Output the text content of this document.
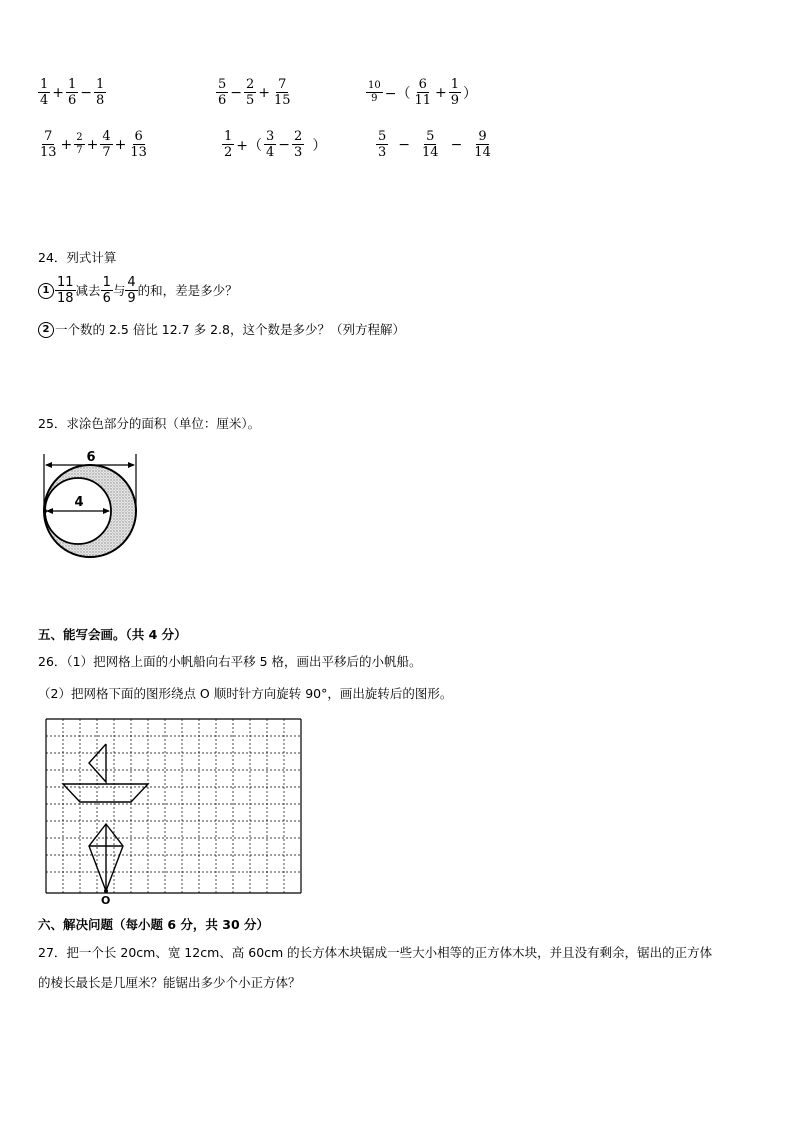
$\frac{1}{4} + \frac{1}{6} - \frac{1}{8}$	$\frac{5}{6} - \frac{2}{5} + \frac{7}{15}$	$\frac{10}{9}$ −（ $\frac{6}{11} + \frac{1}{9}$ ）
$\frac{7}{13} + \frac{2}{7} + \frac{4}{7} + \frac{6}{13}$	$\frac{1}{2}$ +（ $\frac{3}{4} - \frac{2}{3}$ ）	$\frac{5}{3} - \frac{5}{14} - \frac{9}{14}$
24．列式计算
$1 \frac{11}{18}$ 减去 $\frac{1}{6}$ 与 $\frac{4}{9}$ 的和，差是多少？
2 一个数的 2.5 倍比 12.7 多 2.8，这个数是多少？（列方程解）
25．求涂色部分的面积（单位：厘米）。
6
4
五、能写会画。（共 4 分）
26．（1）把网格上面的小帆船向右平移 5 格，画出平移后的小帆船。
（2）把网格下面的图形绕点 O 顺时针方向旋转 90°，画出旋转后的图形。
O
六、解决问题（每小题 6 分，共 30 分）
27．把一个长 20cm、宽 12cm、高 60cm 的长方体木块锯成一些大小相等的正方体木块，并且没有剩余，锯出的正方体
的棱长最长是几厘米？能锯出多少个小正方体？
